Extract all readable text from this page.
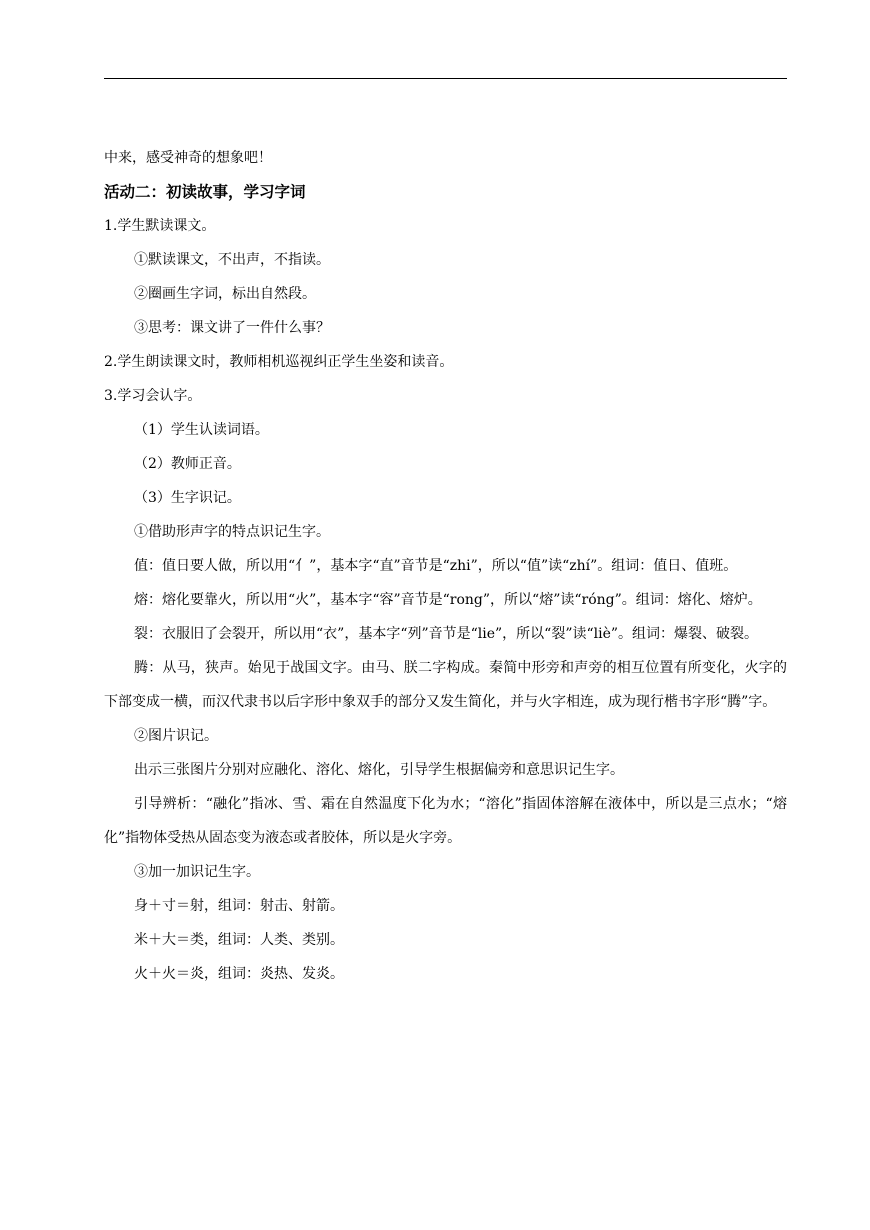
中来，感受神奇的想象吧！

活动二：初读故事，学习字词

1.学生默读课文。

①默读课文，不出声，不指读。

②圈画生字词，标出自然段。

③思考：课文讲了一件什么事？

2.学生朗读课文时，教师相机巡视纠正学生坐姿和读音。

3.学习会认字。

（1）学生认读词语。

（2）教师正音。

（3）生字识记。

①借助形声字的特点识记生字。

值：值日要人做，所以用“亻”，基本字“直”音节是“zhi”，所以“值”读“zhí”。组词：值日、值班。

熔：熔化要靠火，所以用“火”，基本字“容”音节是“rong”，所以“熔”读“róng”。组词：熔化、熔炉。

裂：衣服旧了会裂开，所以用“衣”，基本字“列”音节是“lie”，所以“裂”读“liè”。组词：爆裂、破裂。

腾：从马，狭声。始见于战国文字。由马、朕二字构成。秦简中形旁和声旁的相互位置有所变化，火字的下部变成一横，而汉代隶书以后字形中象双手的部分又发生简化，并与火字相连，成为现行楷书字形“腾”字。

②图片识记。

出示三张图片分别对应融化、溶化、熔化，引导学生根据偏旁和意思识记生字。

引导辨析：“融化”指冰、雪、霜在自然温度下化为水；“溶化”指固体溶解在液体中，所以是三点水；“熔化”指物体受热从固态变为液态或者胶体，所以是火字旁。

③加一加识记生字。

身＋寸＝射，组词：射击、射箭。

米＋大＝类，组词：人类、类别。

火＋火＝炎，组词：炎热、发炎。
